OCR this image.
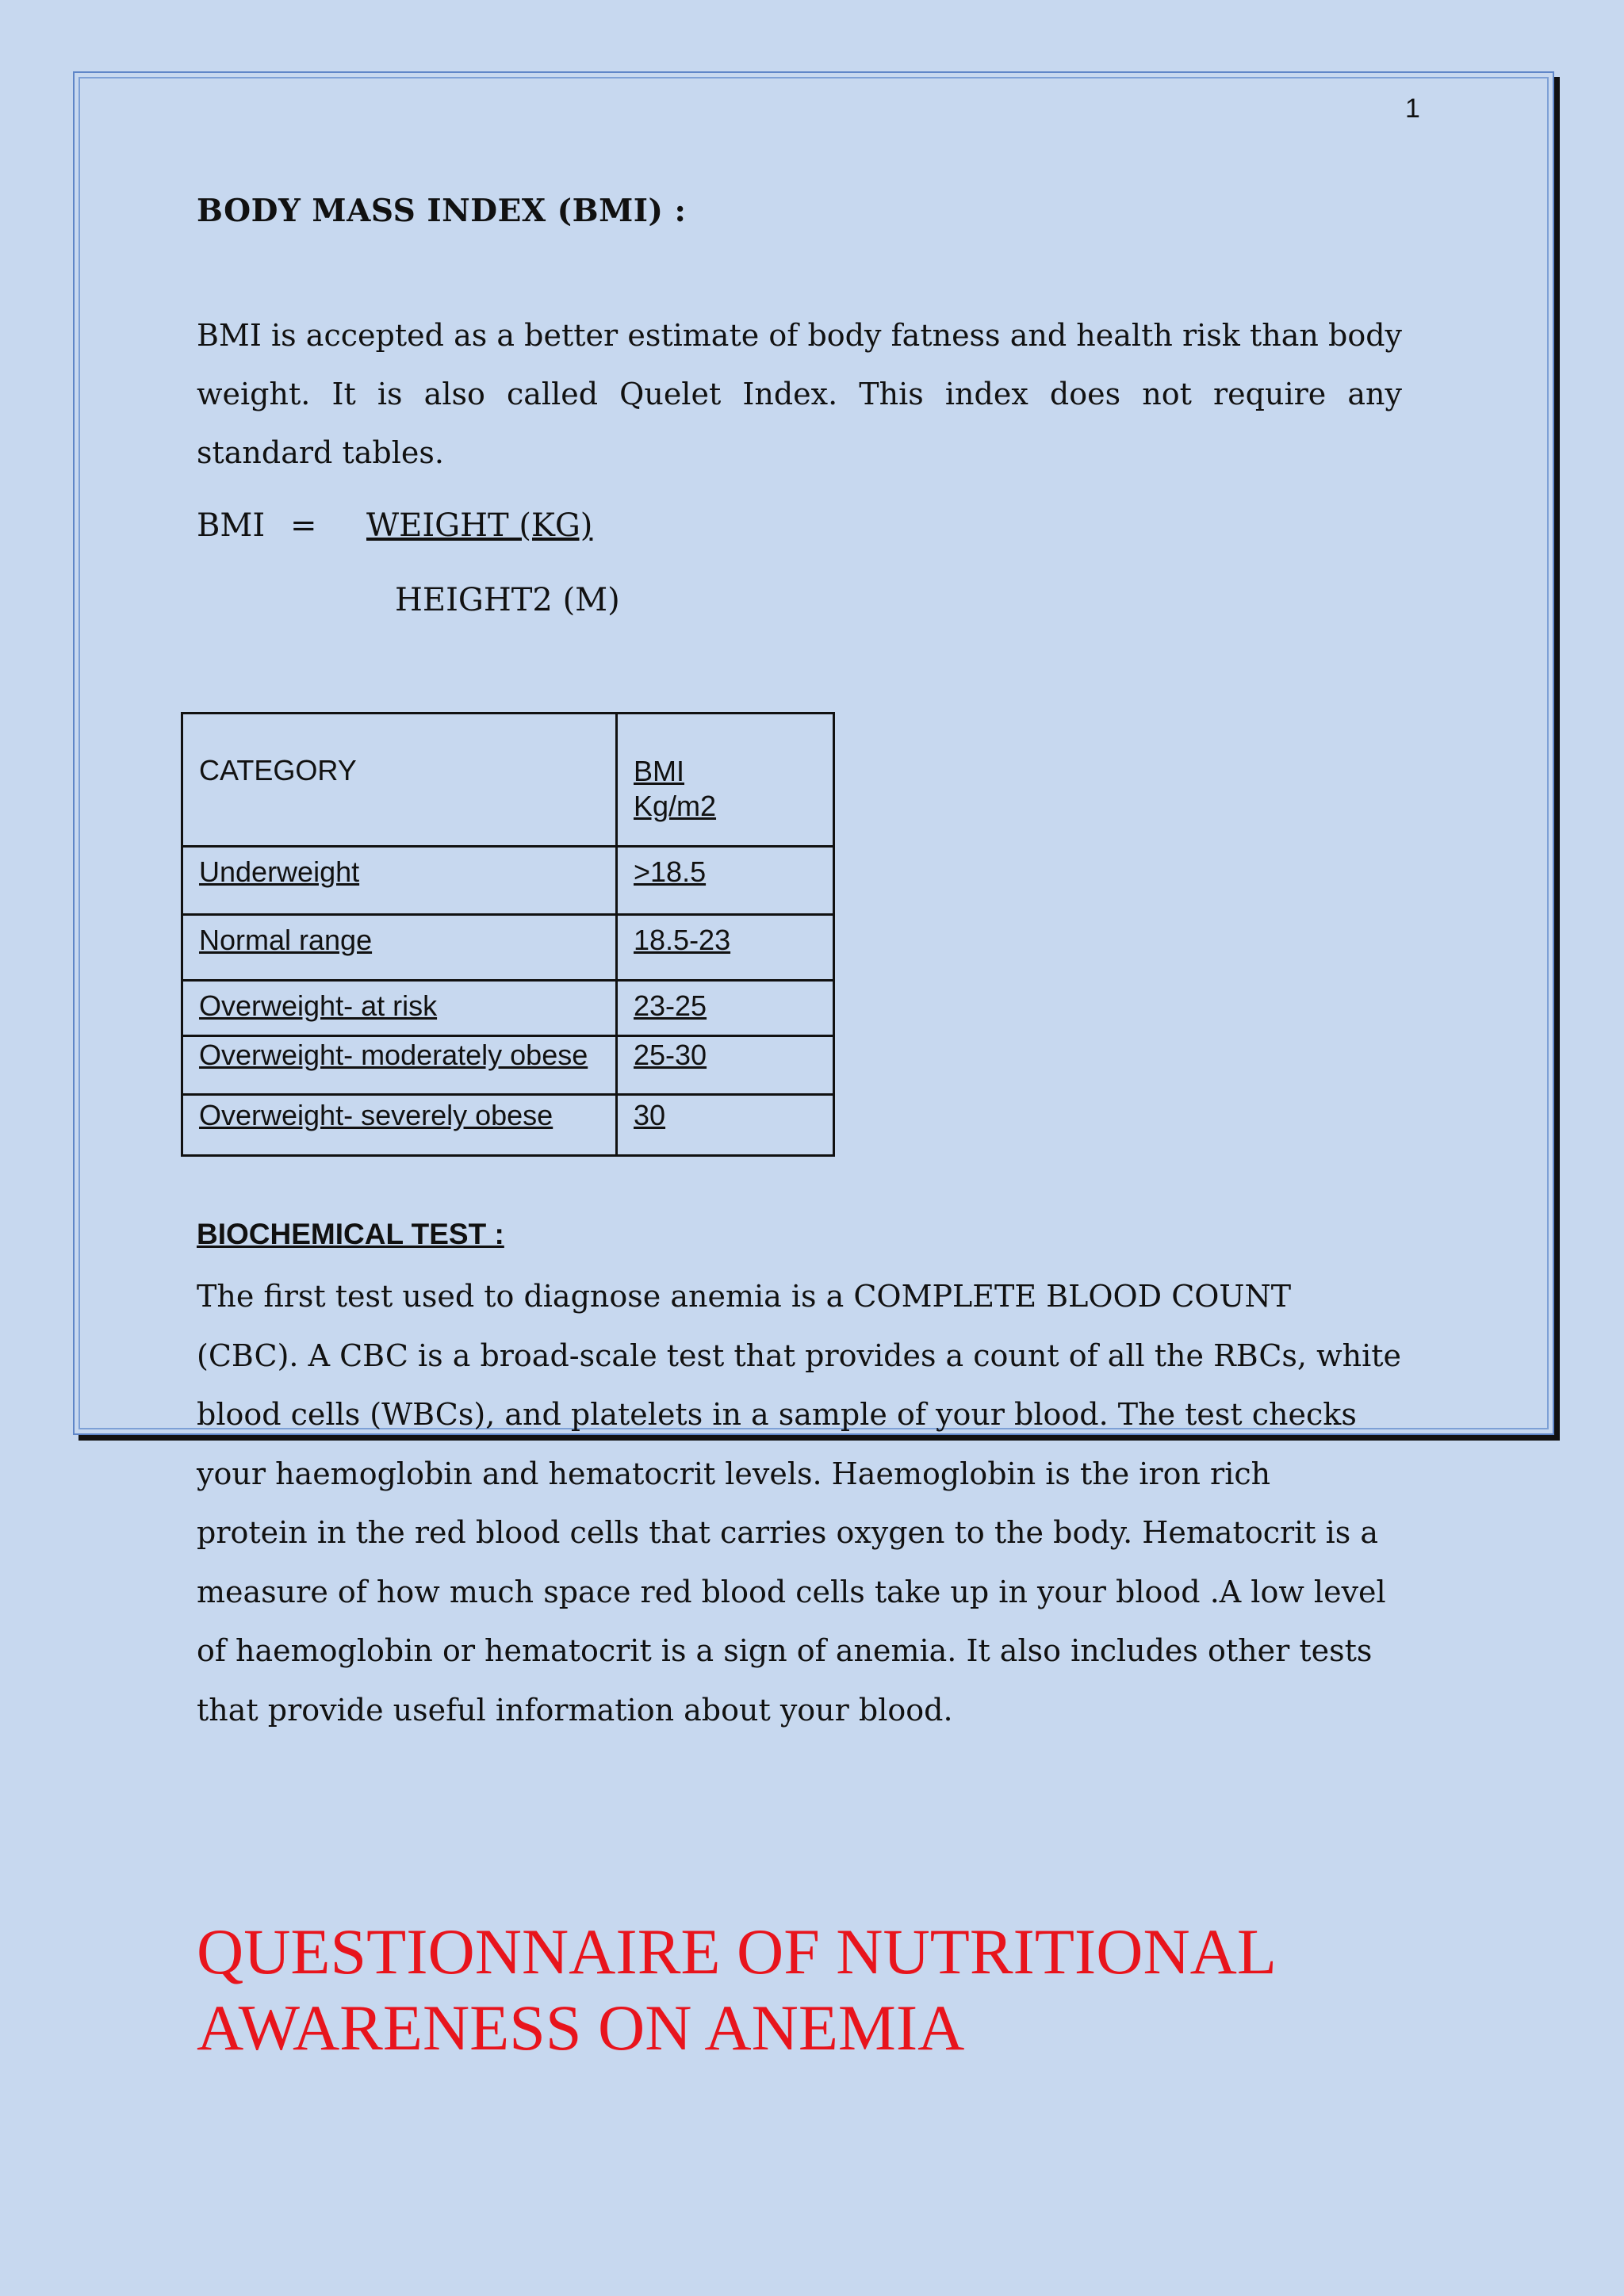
1
BODY MASS INDEX (BMI) :
BMI is accepted as a better estimate of body fatness and health risk than body weight. It is also called Quelet Index. This index does not require any standard tables.
BMI = WEIGHT (KG)
HEIGHT2 (M)
CATEGORY	BMI
Kg/m2

Underweight	>18.5
Normal range	18.5-23
Overweight- at risk	23-25
Overweight- moderately obese	25-30
Overweight- severely obese	30
BIOCHEMICAL TEST :
The first test used to diagnose anemia is a COMPLETE BLOOD COUNT
(CBC). A CBC is a broad-scale test that provides a count of all the RBCs, white
blood cells (WBCs), and platelets in a sample of your blood. The test checks
your haemoglobin and hematocrit levels. Haemoglobin is the iron rich
protein in the red blood cells that carries oxygen to the body. Hematocrit is a
measure of how much space red blood cells take up in your blood .A low level
of haemoglobin or hematocrit is a sign of anemia. It also includes other tests
that provide useful information about your blood.
QUESTIONNAIRE OF NUTRITIONAL
AWARENESS ON ANEMIA
